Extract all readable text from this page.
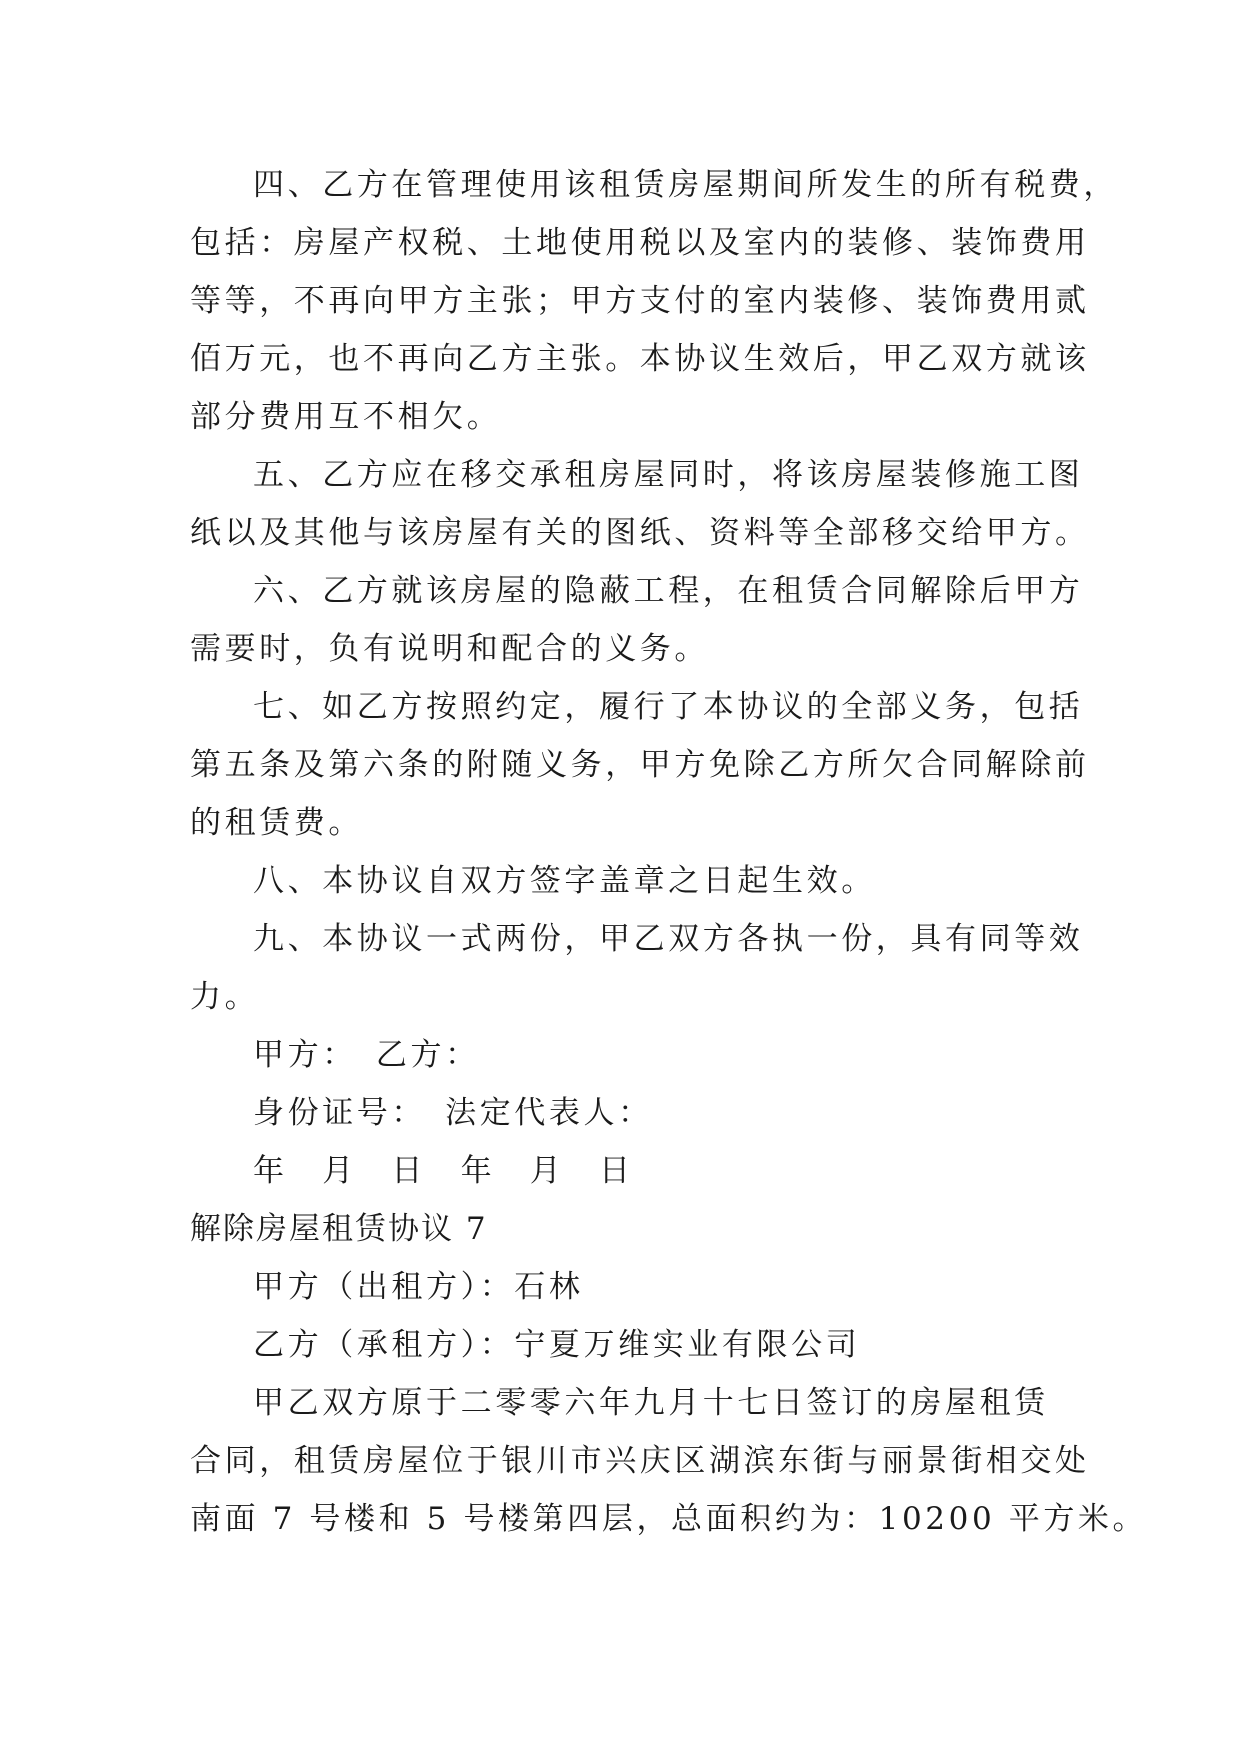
四、乙方在管理使用该租赁房屋期间所发生的所有税费，
包括：房屋产权税、土地使用税以及室内的装修、装饰费用
等等，不再向甲方主张；甲方支付的室内装修、装饰费用贰
佰万元，也不再向乙方主张。本协议生效后，甲乙双方就该
部分费用互不相欠。
五、乙方应在移交承租房屋同时，将该房屋装修施工图
纸以及其他与该房屋有关的图纸、资料等全部移交给甲方。
六、乙方就该房屋的隐蔽工程，在租赁合同解除后甲方
需要时，负有说明和配合的义务。
七、如乙方按照约定，履行了本协议的全部义务，包括
第五条及第六条的附随义务，甲方免除乙方所欠合同解除前
的租赁费。
八、本协议自双方签字盖章之日起生效。
九、本协议一式两份，甲乙双方各执一份，具有同等效
力。
甲方：　乙方：
身份证号：　法定代表人：
年　月　日　年　月　日
解除房屋租赁协议 7
甲方（出租方）：石林
乙方（承租方）：宁夏万维实业有限公司
甲乙双方原于二零零六年九月十七日签订的房屋租赁
合同，租赁房屋位于银川市兴庆区湖滨东街与丽景街相交处
南面 7 号楼和 5 号楼第四层，总面积约为：10200 平方米。
